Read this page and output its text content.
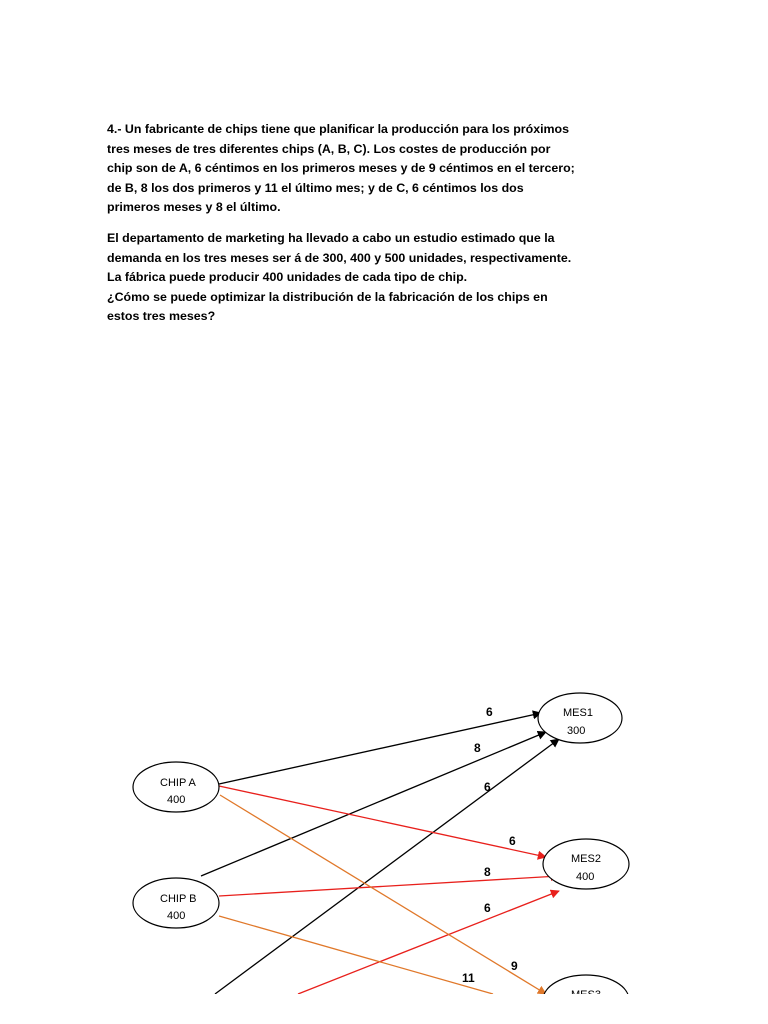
4.- Un fabricante de chips tiene que planificar la producción para los próximos tres meses de tres diferentes chips (A, B, C). Los costes de producción por chip son de A, 6 céntimos en los primeros meses y de 9 céntimos en el tercero; de B, 8 los dos primeros y 11 el último mes; y de C, 6 céntimos los dos primeros meses y 8 el último.

El departamento de marketing ha llevado a cabo un estudio estimado que la demanda en los tres meses ser á de 300, 400 y 500 unidades, respectivamente.

La fábrica puede producir 400 unidades de cada tipo de chip.

¿Cómo se puede optimizar la distribución de la fabricación de los chips en estos tres meses?

6
8
6
6
8
6
9
11
CHIP A
400
CHIP B
400
MES1
300
MES2
400
